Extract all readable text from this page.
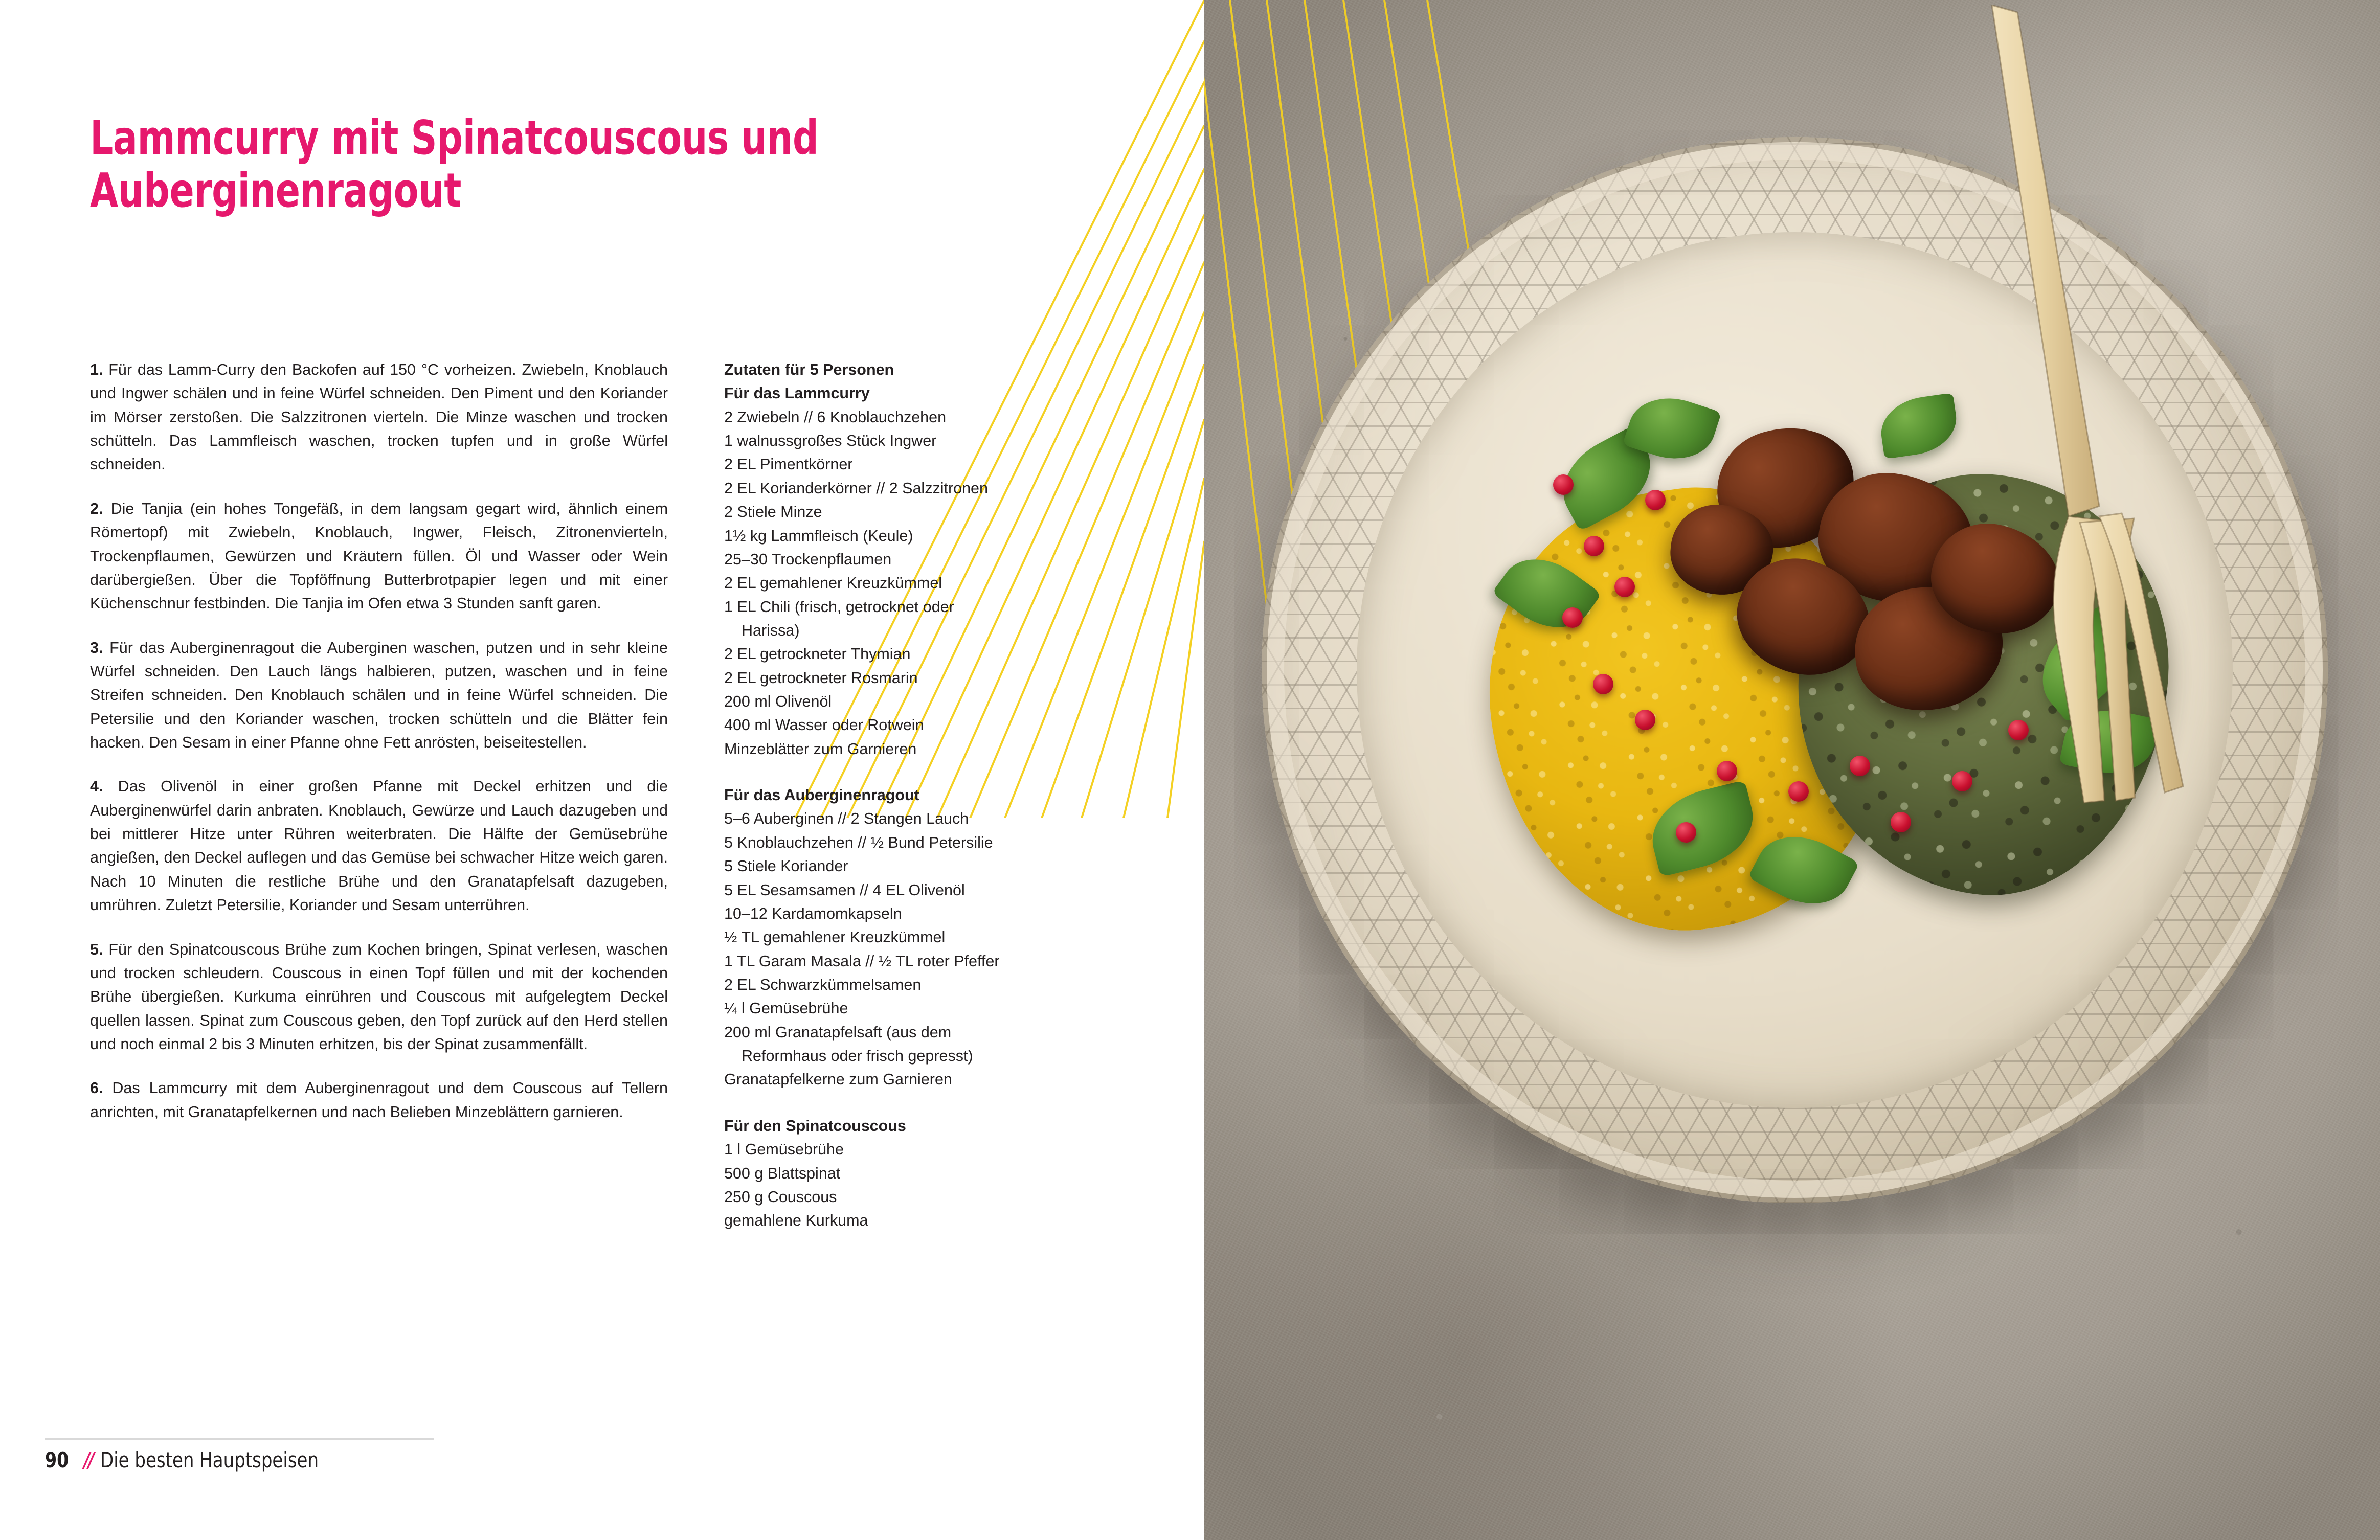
Lammcurry mit Spinatcouscous und Auberginenragout

1. Für das Lamm-Curry den Backofen auf 150 °C vorheizen. Zwiebeln, Knoblauch und Ingwer schälen und in feine Würfel schneiden. Den Piment und den Koriander im Mörser zerstoßen. Die Salzzitronen vierteln. Die Minze waschen und trocken schütteln. Das Lammfleisch waschen, trocken tupfen und in große Würfel schneiden.

2. Die Tanjia (ein hohes Tongefäß, in dem langsam gegart wird, ähnlich einem Römertopf) mit Zwiebeln, Knoblauch, Ingwer, Fleisch, Zitronenvierteln, Trockenpflaumen, Gewürzen und Kräutern füllen. Öl und Wasser oder Wein darübergießen. Über die Topföffnung Butterbrotpapier legen und mit einer Küchenschnur festbinden. Die Tanjia im Ofen etwa 3 Stunden sanft garen.

3. Für das Auberginenragout die Auberginen waschen, putzen und in sehr kleine Würfel schneiden. Den Lauch längs halbieren, putzen, waschen und in feine Streifen schneiden. Den Knoblauch schälen und in feine Würfel schneiden. Die Petersilie und den Koriander waschen, trocken schütteln und die Blätter fein hacken. Den Sesam in einer Pfanne ohne Fett anrösten, beiseitestellen.

4. Das Olivenöl in einer großen Pfanne mit Deckel erhitzen und die Auberginenwürfel darin anbraten. Knoblauch, Gewürze und Lauch dazugeben und bei mittlerer Hitze unter Rühren weiterbraten. Die Hälfte der Gemüsebrühe angießen, den Deckel auflegen und das Gemüse bei schwacher Hitze weich garen. Nach 10 Minuten die restliche Brühe und den Granatapfelsaft dazugeben, umrühren. Zuletzt Petersilie, Koriander und Sesam unterrühren.

5. Für den Spinatcouscous Brühe zum Kochen bringen, Spinat verlesen, waschen und trocken schleudern. Couscous in einen Topf füllen und mit der kochenden Brühe übergießen. Kurkuma einrühren und Couscous mit aufgelegtem Deckel quellen lassen. Spinat zum Couscous geben, den Topf zurück auf den Herd stellen und noch einmal 2 bis 3 Minuten erhitzen, bis der Spinat zusammenfällt.

6. Das Lammcurry mit dem Auberginenragout und dem Couscous auf Tellern anrichten, mit Granatapfelkernen und nach Belieben Minzeblättern garnieren.

Zutaten für 5 Personen

Für das Lammcurry

2 Zwiebeln // 6 Knoblauchzehen

1 walnussgroßes Stück Ingwer

2 EL Pimentkörner

2 EL Korianderkörner // 2 Salzzitronen

2 Stiele Minze

1½ kg Lammfleisch (Keule)

25–30 Trockenpflaumen

2 EL gemahlener Kreuzkümmel

1 EL Chili (frisch, getrocknet oder

Harissa)

2 EL getrockneter Thymian

2 EL getrockneter Rosmarin

200 ml Olivenöl

400 ml Wasser oder Rotwein

Minzeblätter zum Garnieren

Für das Auberginenragout

5–6 Auberginen // 2 Stangen Lauch

5 Knoblauchzehen // ½ Bund Petersilie

5 Stiele Koriander

5 EL Sesamsamen // 4 EL Olivenöl

10–12 Kardamomkapseln

½ TL gemahlener Kreuzkümmel

1 TL Garam Masala // ½ TL roter Pfeffer

2 EL Schwarzkümmelsamen

¼ l Gemüsebrühe

200 ml Granatapfelsaft (aus dem

Reformhaus oder frisch gepresst)

Granatapfelkerne zum Garnieren

Für den Spinatcouscous

1 l Gemüsebrühe

500 g Blattspinat

250 g Couscous

gemahlene Kurkuma

90 // Die besten Hauptspeisen
